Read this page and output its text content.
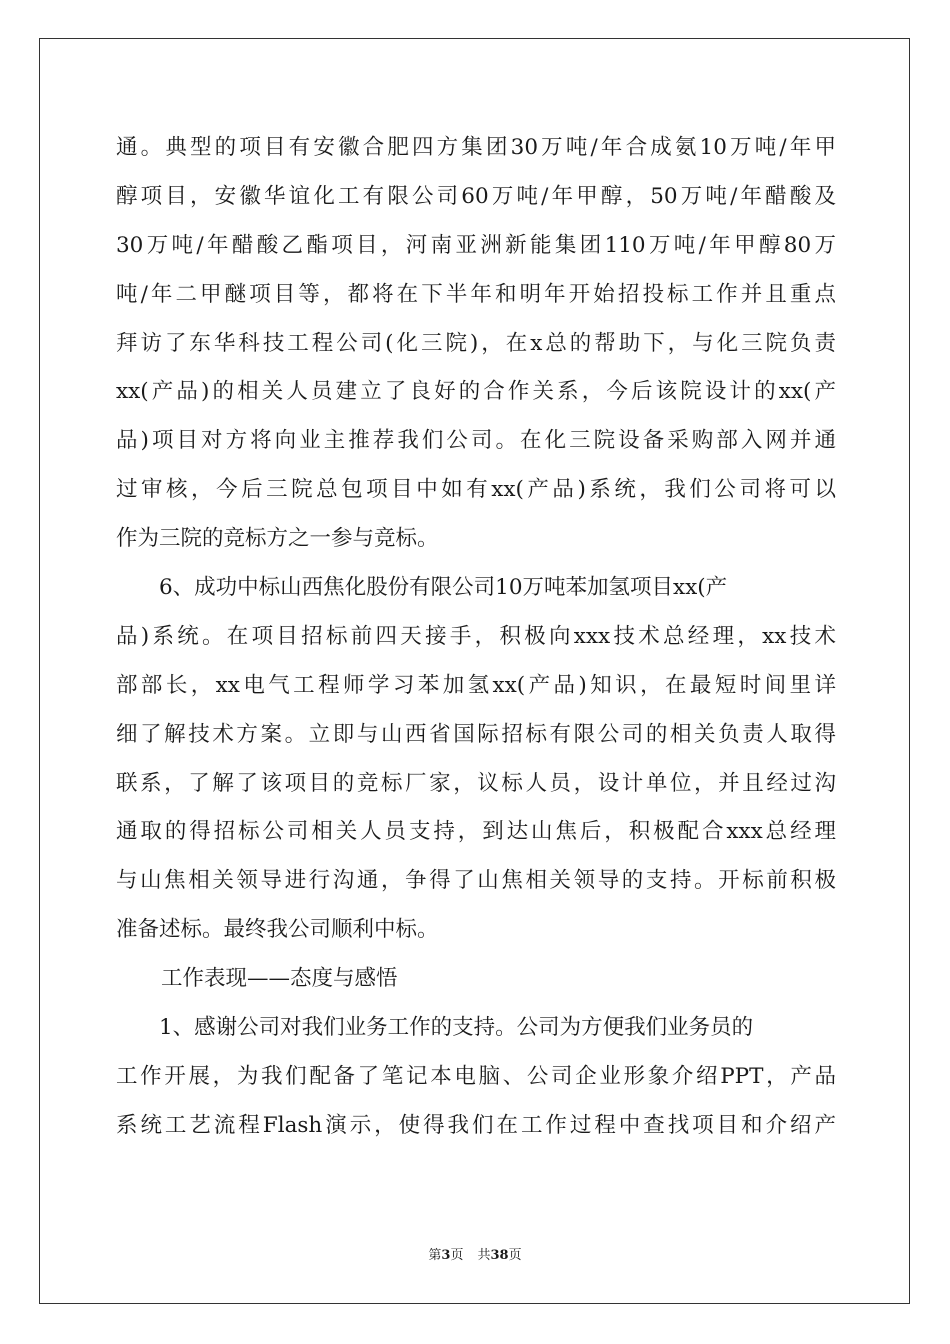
通。典型的项目有安徽合肥四方集团30万吨/年合成氨10万吨/年甲
醇项目，安徽华谊化工有限公司60万吨/年甲醇，50万吨/年醋酸及
30万吨/年醋酸乙酯项目，河南亚洲新能集团110万吨/年甲醇80万
吨/年二甲醚项目等，都将在下半年和明年开始招投标工作并且重点
拜访了东华科技工程公司(化三院)，在x总的帮助下，与化三院负责
xx(产品)的相关人员建立了良好的合作关系，今后该院设计的xx(产
品)项目对方将向业主推荐我们公司。在化三院设备采购部入网并通
过审核，今后三院总包项目中如有xx(产品)系统，我们公司将可以
作为三院的竞标方之一参与竞标。
6、成功中标山西焦化股份有限公司10万吨苯加氢项目xx(产
品)系统。在项目招标前四天接手，积极向xxx技术总经理，xx技术
部部长，xx电气工程师学习苯加氢xx(产品)知识，在最短时间里详
细了解技术方案。立即与山西省国际招标有限公司的相关负责人取得
联系，了解了该项目的竞标厂家，议标人员，设计单位，并且经过沟
通取的得招标公司相关人员支持，到达山焦后，积极配合xxx总经理
与山焦相关领导进行沟通，争得了山焦相关领导的支持。开标前积极
准备述标。最终我公司顺利中标。
工作表现——态度与感悟
1、感谢公司对我们业务工作的支持。公司为方便我们业务员的
工作开展，为我们配备了笔记本电脑、公司企业形象介绍PPT，产品
系统工艺流程Flash演示，使得我们在工作过程中查找项目和介绍产
第3页 共38页
